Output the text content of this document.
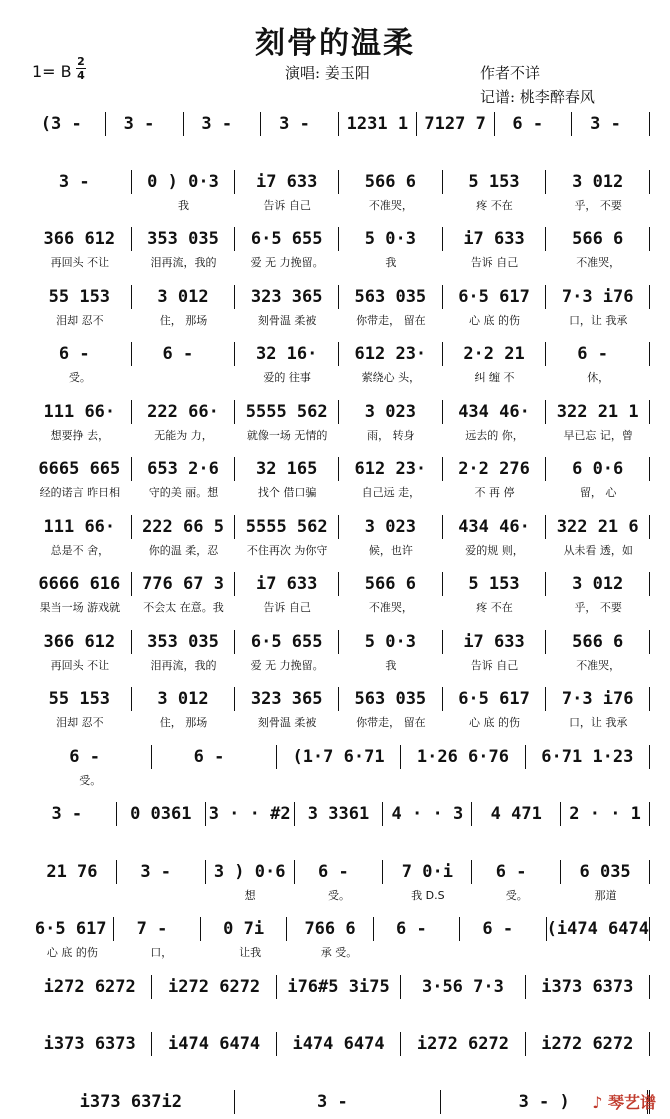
刻骨的温柔
1= B
2
4	演唱: 姜玉阳	作者不详
记谱: 桃李醉春风
(3 -	3 -	3 -	3 -	1231 1 7127 7	6 -	3 -
3 -	0 ) 0·3	i7 633	566 6	5 153	3 012
我	告诉 自己	不准哭，	疼 不在	乎， 不要
366 612	353 035	6·5 655	5 0·3	i7 633	566 6
再回头 不让	泪再流，我的	爱 无 力挽留。	我	告诉 自己	不准哭，
55 153	3 012	323 365	563 035	6·5 617	7·3 i76
泪却 忍不	住， 那场	刻骨温 柔被	你带走， 留在	心 底 的伤	口，让 我承
6 -	6 -	32 16·	612 23·	2·2 21	6 -
受。	爱的 往事	萦绕心 头，	纠 缠 不	休，
111 66·	222 66·	5555 562	3 023	434 46·	322 21 1
想要挣 去，	无能为 力，	就像一场 无情的	雨， 转身	远去的 你，	早已忘 记，曾
6665 665	653 2·6	32 165	612 23·	2·2 276	6 0·6
经的诺言 昨日相	守的美 丽。想	找个 借口骗	自己远 走，	不 再 停	留， 心
111 66·	222 66 5	5555 562	3 023	434 46·	322 21 6
总是不 舍，	你的温 柔，忍	不住再次 为你守	候，也许	爱的规 则，	从未看 透，如
6666 616	776 67 3	i7 633	566 6	5 153	3 012
果当一场 游戏就	不会太 在意。我	告诉 自己	不准哭，	疼 不在	乎， 不要
366 612	353 035	6·5 655	5 0·3	i7 633	566 6
再回头 不让	泪再流，我的	爱 无 力挽留。	我	告诉 自己	不准哭，
55 153	3 012	323 365	563 035	6·5 617	7·3 i76
泪却 忍不	住， 那场	刻骨温 柔被	你带走， 留在	心 底 的伤	口，让 我承
6 -	6 -	(1·7 6·71	1·26 6·76	6·71 1·23
受。
3 -	0 0361	3 · · #2	3 3361	4 · · 3	4 471	2 · · 1
21 76	3 -	3 ) 0·6	6 -	7 0·i	6 -	6 035
想	受。	我 D.S	受。	那道
6·5 617	7 -	0 7i	766 6	6 -	6 -	(i474 6474
心 底 的伤	口，	让我	承 受。
i272 6272	i272 6272	i76#5 3i75	3·56 7·3	i373 6373
i373 6373	i474 6474	i474 6474	i272 6272	i272 6272
i373 637i2	3 -	3 - )	♪ 琴艺谱
